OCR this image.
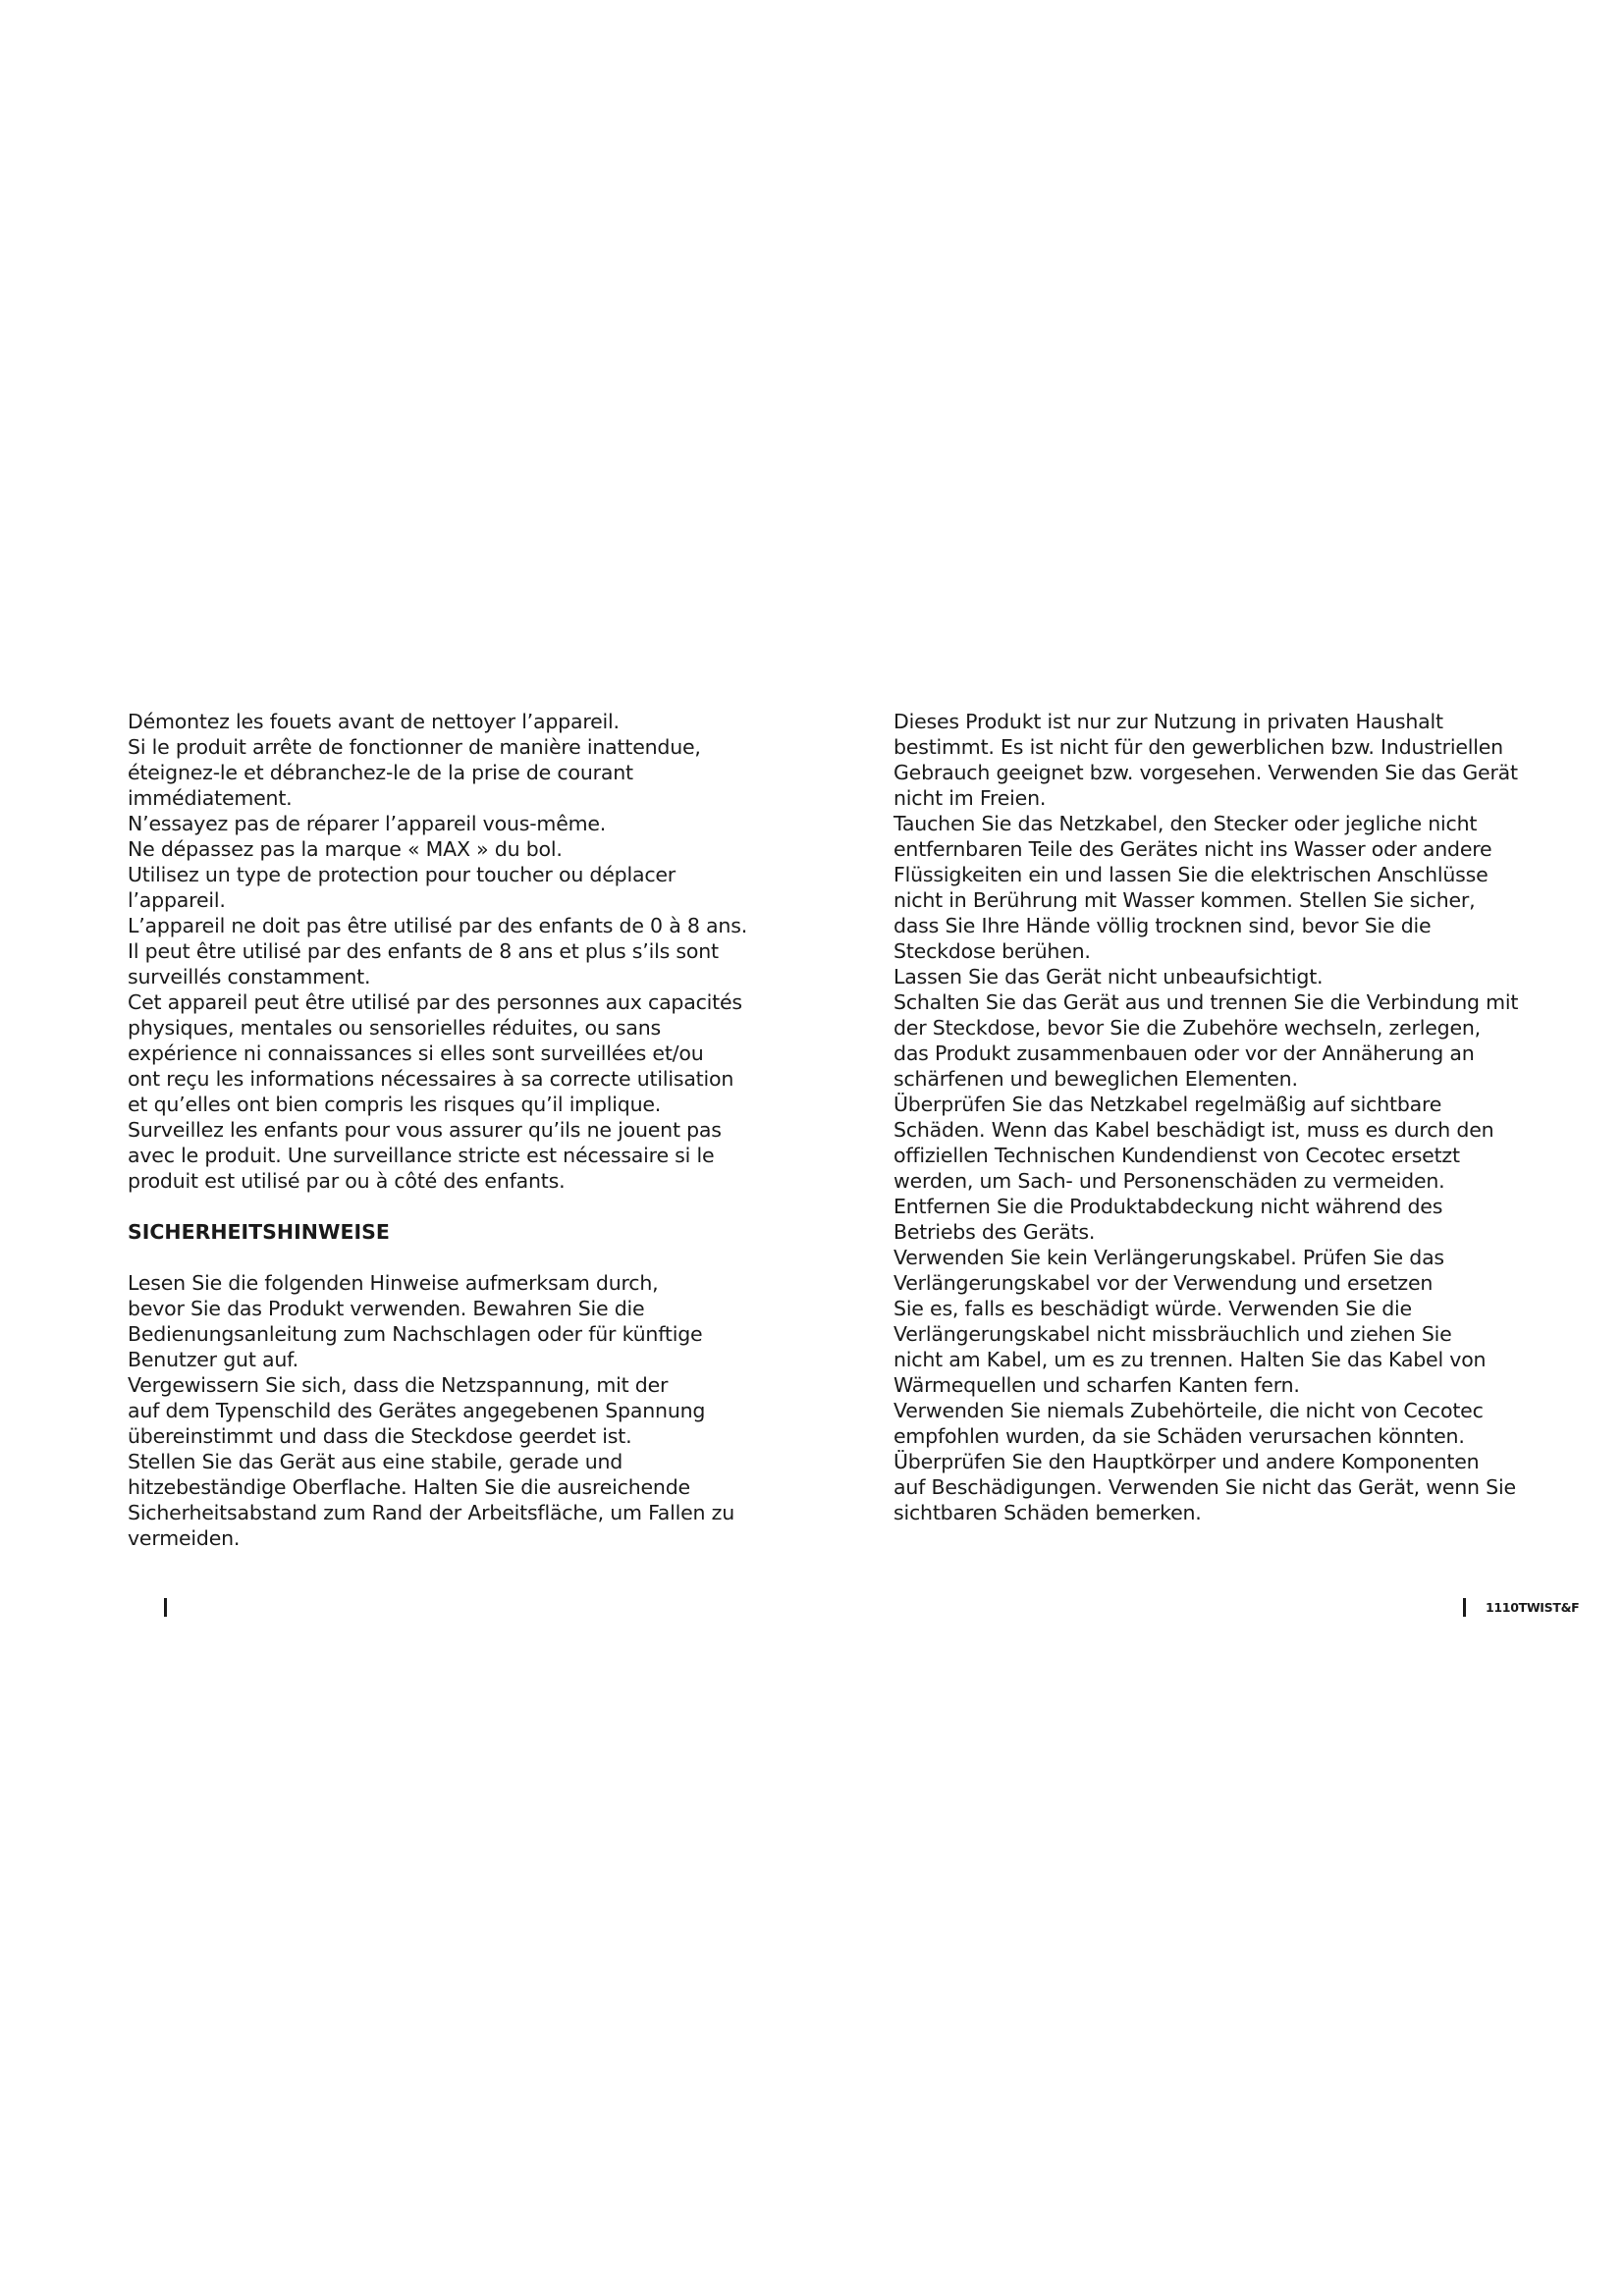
Démontez les fouets avant de nettoyer l’appareil.
Si le produit arrête de fonctionner de manière inattendue,
éteignez-le et débranchez-le de la prise de courant
immédiatement.
N’essayez pas de réparer l’appareil vous-même.
Ne dépassez pas la marque « MAX » du bol.
Utilisez un type de protection pour toucher ou déplacer
l’appareil.
L’appareil ne doit pas être utilisé par des enfants de 0 à 8 ans.
Il peut être utilisé par des enfants de 8 ans et plus s’ils sont
surveillés constamment.
Cet appareil peut être utilisé par des personnes aux capacités
physiques, mentales ou sensorielles réduites, ou sans
expérience ni connaissances si elles sont surveillées et/ou
ont reçu les informations nécessaires à sa correcte utilisation
et qu’elles ont bien compris les risques qu’il implique.
Surveillez les enfants pour vous assurer qu’ils ne jouent pas
avec le produit. Une surveillance stricte est nécessaire si le
produit est utilisé par ou à côté des enfants.
SICHERHEITSHINWEISE
Lesen Sie die folgenden Hinweise aufmerksam durch,
bevor Sie das Produkt verwenden. Bewahren Sie die
Bedienungsanleitung zum Nachschlagen oder für künftige
Benutzer gut auf.
Vergewissern Sie sich, dass die Netzspannung, mit der
auf dem Typenschild des Gerätes angegebenen Spannung
übereinstimmt und dass die Steckdose geerdet ist.
Stellen Sie das Gerät aus eine stabile, gerade und
hitzebeständige Oberflache. Halten Sie die ausreichende
Sicherheitsabstand zum Rand der Arbeitsfläche, um Fallen zu
vermeiden.
Dieses Produkt ist nur zur Nutzung in privaten Haushalt
bestimmt. Es ist nicht für den gewerblichen bzw. Industriellen
Gebrauch geeignet bzw. vorgesehen. Verwenden Sie das Gerät
nicht im Freien.
Tauchen Sie das Netzkabel, den Stecker oder jegliche nicht
entfernbaren Teile des Gerätes nicht ins Wasser oder andere
Flüssigkeiten ein und lassen Sie die elektrischen Anschlüsse
nicht in Berührung mit Wasser kommen. Stellen Sie sicher,
dass Sie Ihre Hände völlig trocknen sind, bevor Sie die
Steckdose berühen.
Lassen Sie das Gerät nicht unbeaufsichtigt.
Schalten Sie das Gerät aus und trennen Sie die Verbindung mit
der Steckdose, bevor Sie die Zubehöre wechseln, zerlegen,
das Produkt zusammenbauen oder vor der Annäherung an
schärfenen und beweglichen Elementen.
Überprüfen Sie das Netzkabel regelmäßig auf sichtbare
Schäden. Wenn das Kabel beschädigt ist, muss es durch den
offiziellen Technischen Kundendienst von Cecotec ersetzt
werden, um Sach- und Personenschäden zu vermeiden.
Entfernen Sie die Produktabdeckung nicht während des
Betriebs des Geräts.
Verwenden Sie kein Verlängerungskabel. Prüfen Sie das
Verlängerungskabel vor der Verwendung und ersetzen
Sie es, falls es beschädigt würde. Verwenden Sie die
Verlängerungskabel nicht missbräuchlich und ziehen Sie
nicht am Kabel, um es zu trennen. Halten Sie das Kabel von
Wärmequellen und scharfen Kanten fern.
Verwenden Sie niemals Zubehörteile, die nicht von Cecotec
empfohlen wurden, da sie Schäden verursachen könnten.
Überprüfen Sie den Hauptkörper und andere Komponenten
auf Beschädigungen. Verwenden Sie nicht das Gerät, wenn Sie
sichtbaren Schäden bemerken.
1110TWIST&F
